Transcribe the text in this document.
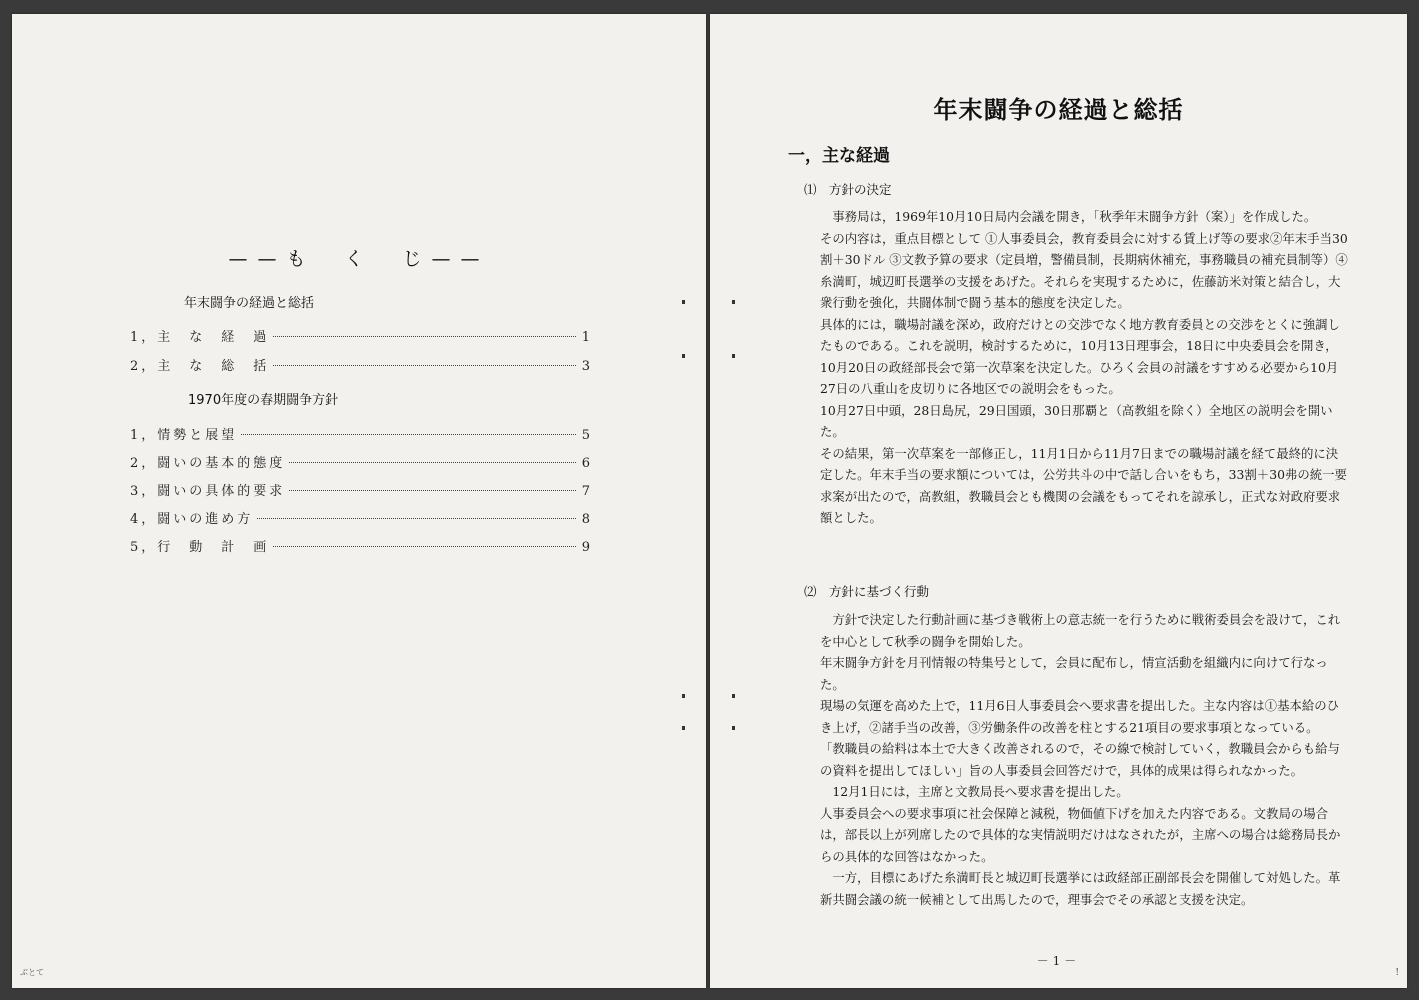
——も　く　じ——
年末闘争の経過と総括
1，主　な　経　過	1
2，主　な　総　括	3
1970年度の春期闘争方針
1，情勢と展望	5
2，闘いの基本的態度	6
3，闘いの具体的要求	7
4，闘いの進め方	8
5，行　動　計　画	9
ぶとて
年末闘争の経過と総括
一，主な経過
⑴　方針の決定

事務局は，1969年10月10日局内会議を開き，「秋季年末闘争方針（案）」を作成した。

その内容は，重点目標として ①人事委員会，教育委員会に対する賃上げ等の要求②年末手当30割＋30ドル ③文教予算の要求（定員増，警備員制，長期病休補充，事務職員の補充員制等）④糸満町，城辺町長選挙の支援をあげた。それらを実現するために，佐藤訪米対策と結合し，大衆行動を強化，共闘体制で闘う基本的態度を決定した。

具体的には，職場討議を深め，政府だけとの交渉でなく地方教育委員との交渉をとくに強調したものである。これを説明，検討するために，10月13日理事会，18日に中央委員会を開き，10月20日の政経部長会で第一次草案を決定した。ひろく会員の討議をすすめる必要から10月27日の八重山を皮切りに各地区での説明会をもった。

10月27日中頭，28日島尻，29日国頭，30日那覇と（高教組を除く）全地区の説明会を開いた。

その結果，第一次草案を一部修正し，11月1日から11月7日までの職場討議を経て最終的に決定した。年末手当の要求額については，公労共斗の中で話し合いをもち，33割＋30弗の統一要求案が出たので，高教組，教職員会とも機関の会議をもってそれを諒承し，正式な対政府要求額とした。

⑵　方針に基づく行動

方針で決定した行動計画に基づき戦術上の意志統一を行うために戦術委員会を設けて，これを中心として秋季の闘争を開始した。

年末闘争方針を月刊情報の特集号として，会員に配布し，情宣活動を組織内に向けて行なった。

現場の気運を高めた上で，11月6日人事委員会へ要求書を提出した。主な内容は①基本給のひき上げ，②諸手当の改善，③労働条件の改善を柱とする21項目の要求事項となっている。

「教職員の給料は本土で大きく改善されるので，その線で検討していく，教職員会からも給与の資料を提出してほしい」旨の人事委員会回答だけで，具体的成果は得られなかった。

12月1日には，主席と文教局長へ要求書を提出した。

人事委員会への要求事項に社会保障と減税，物価値下げを加えた内容である。文教局の場合は，部長以上が列席したので具体的な実情説明だけはなされたが，主席への場合は総務局長からの具体的な回答はなかった。

一方，目標にあげた糸満町長と城辺町長選挙には政経部正副部長会を開催して対処した。革新共闘会議の統一候補として出馬したので，理事会でその承認と支援を決定。

－1－
!
